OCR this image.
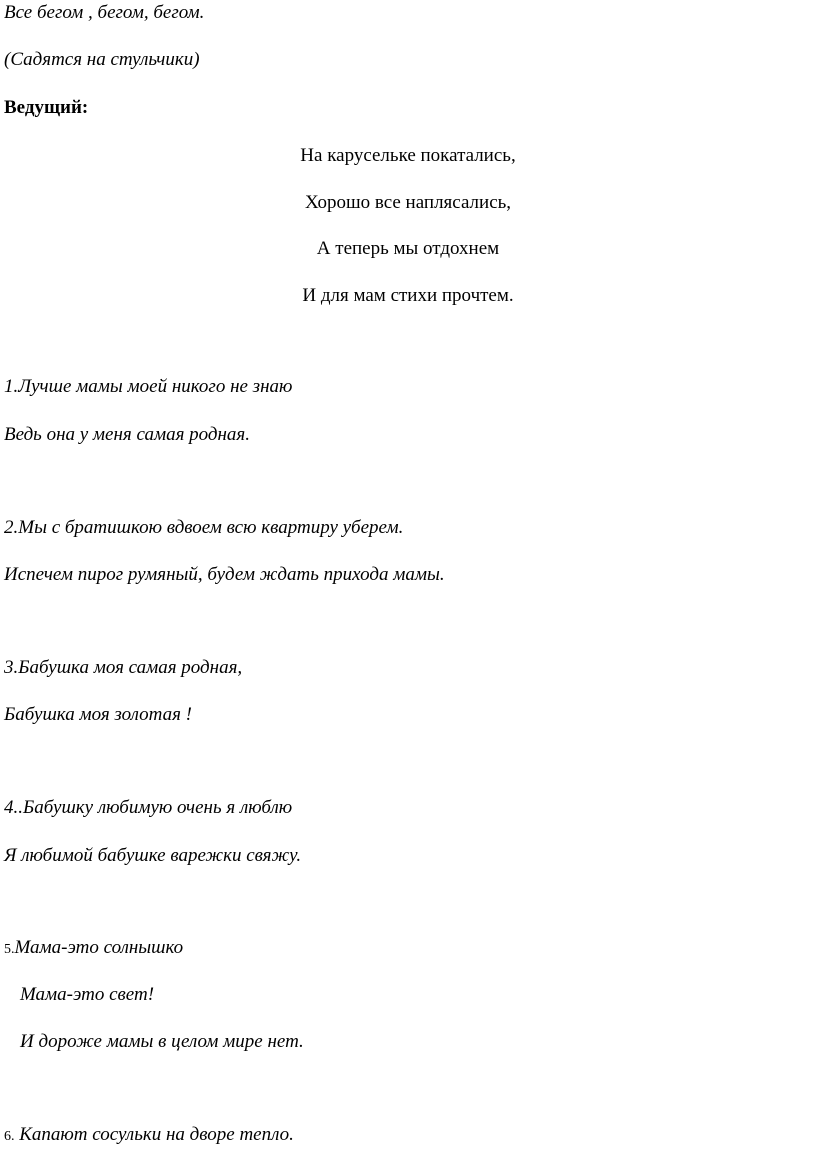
Все бегом , бегом, бегом.
(Садятся на стульчики)
Ведущий:
На карусельке покатались,
Хорошо все наплясались,
А теперь мы отдохнем
И для мам стихи прочтем.
1.Лучше мамы моей никого не знаю
Ведь она у меня самая родная.
2.Мы с братишкою вдвоем всю квартиру уберем.
Испечем пирог румяный, будем ждать прихода мамы.
3.Бабушка моя самая родная,
Бабушка моя золотая !
4..Бабушку любимую очень я люблю
Я любимой бабушке варежки свяжу.
5.Мама-это солнышко
Мама-это свет!
И дороже мамы в целом мире нет.
6. Капают сосульки на дворе тепло.
